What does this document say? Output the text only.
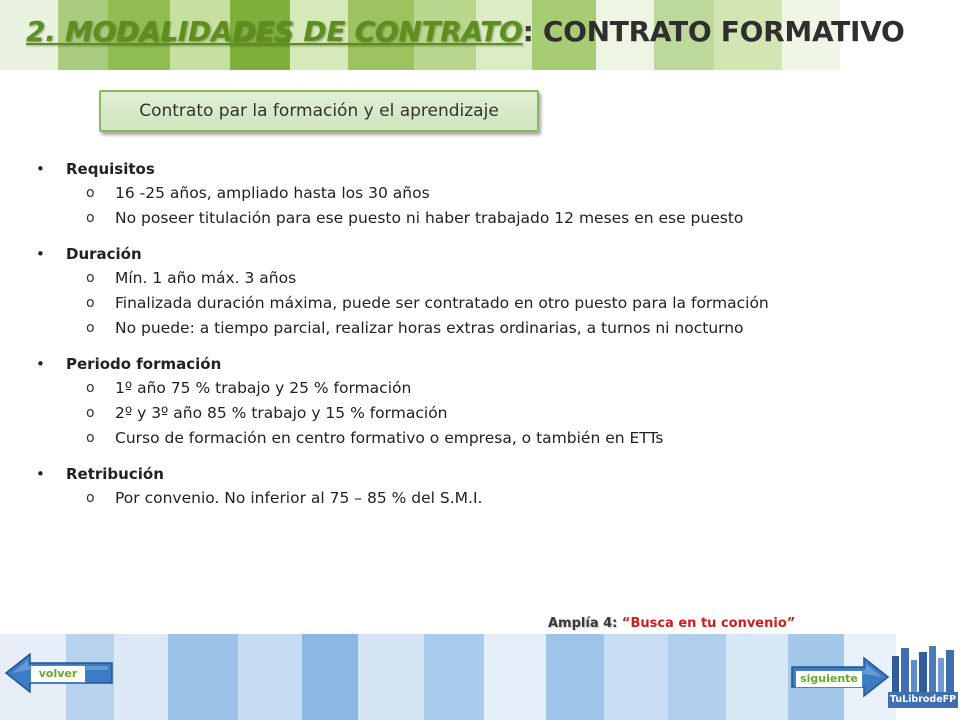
2. MODALIDADES DE CONTRATO: CONTRATO FORMATIVO
Contrato par la formación y el aprendizaje
•	Requisitos
o	16 -25 años, ampliado hasta los 30 años
o	No poseer titulación para ese puesto ni haber trabajado 12 meses en ese puesto
•	Duración
o	Mín. 1 año máx. 3 años
o	Finalizada duración máxima, puede ser contratado en otro puesto para la formación
o	No puede: a tiempo parcial, realizar horas extras ordinarias, a turnos ni nocturno
•	Periodo formación
o	1º año 75 % trabajo y 25 % formación
o	2º y 3º año 85 % trabajo y 15 % formación
o	Curso de formación en centro formativo o empresa, o también en ETTs
•	Retribución
o	Por convenio. No inferior al 75 – 85 % del S.M.I.
Amplía 4: “Busca en tu convenio”
volver	siguiente
TuLibrodeFP
